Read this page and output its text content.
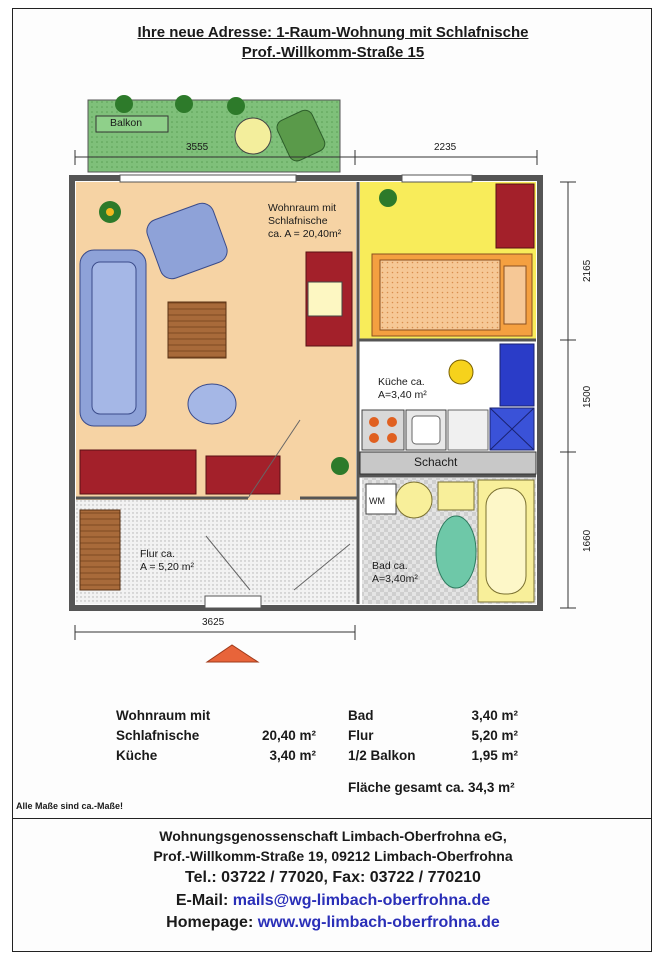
Ihre neue Adresse: 1-Raum-Wohnung mit Schlafnische
Prof.-Willkomm-Straße 15
Balkon
3555	2235
3625
2165
1500
1660
Wohnraum mit
Schlafnische
ca. A = 20,40m²
Küche ca.
A=3,40 m²
Schacht
WM
Flur ca.
A = 5,20 m²	Bad ca.
A=3,40m²
Wohnraum mit
Schlafnische	20,40 m²
Küche	3,40 m²
Bad	3,40 m²
Flur	5,20 m²
1/2 Balkon	1,95 m²
Fläche gesamt ca. 34,3 m²
Alle Maße sind ca.-Maße!
Wohnungsgenossenschaft Limbach-Oberfrohna eG,
Prof.-Willkomm-Straße 19, 09212 Limbach-Oberfrohna
Tel.: 03722 / 77020, Fax: 03722 / 770210
E-Mail: mails@wg-limbach-oberfrohna.de
Homepage: www.wg-limbach-oberfrohna.de
